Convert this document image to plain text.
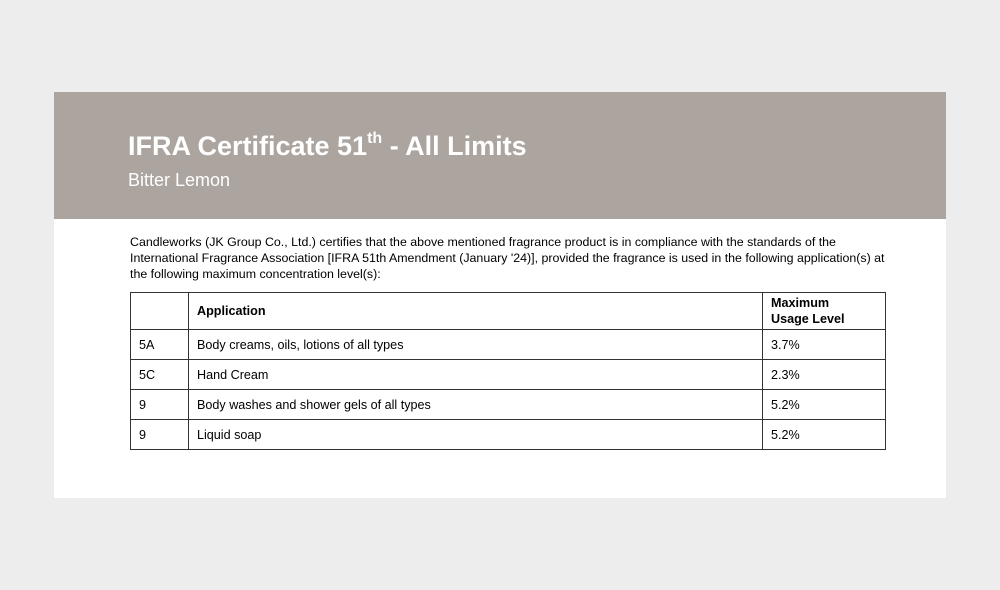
IFRA Certificate 51th - All Limits
Bitter Lemon

Candleworks (JK Group Co., Ltd.) certifies that the above mentioned fragrance product is in compliance with the standards of the International Fragrance Association [IFRA 51th Amendment (January '24)], provided the fragrance is used in the following application(s) at the following maximum concentration level(s):

	Application	Maximum
Usage Level
5A	Body creams, oils, lotions of all types	3.7%
5C	Hand Cream	2.3%
9	Body washes and shower gels of all types	5.2%
9	Liquid soap	5.2%
